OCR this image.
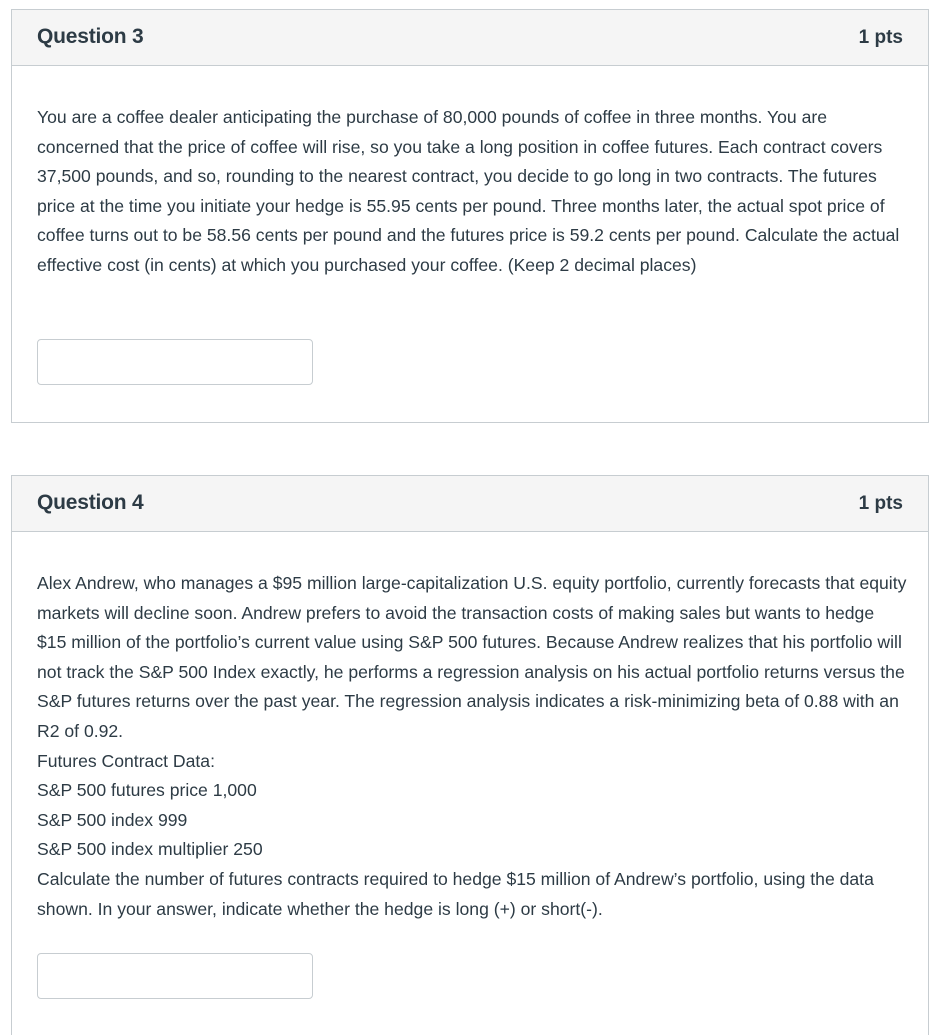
Question 3	1 pts

You are a coffee dealer anticipating the purchase of 80,000 pounds of coffee in three months. You are concerned that the price of coffee will rise, so you take a long position in coffee futures. Each contract covers 37,500 pounds, and so, rounding to the nearest contract, you decide to go long in two contracts. The futures price at the time you initiate your hedge is 55.95 cents per pound. Three months later, the actual spot price of coffee turns out to be 58.56 cents per pound and the futures price is 59.2 cents per pound. Calculate the actual effective cost (in cents) at which you purchased your coffee. (Keep 2 decimal places)

Question 4	1 pts

Alex Andrew, who manages a $95 million large-capitalization U.S. equity portfolio, currently forecasts that equity markets will decline soon. Andrew prefers to avoid the transaction costs of making sales but wants to hedge $15 million of the portfolio’s current value using S&P 500 futures. Because Andrew realizes that his portfolio will not track the S&P 500 Index exactly, he performs a regression analysis on his actual portfolio returns versus the S&P futures returns over the past year. The regression analysis indicates a risk-minimizing beta of 0.88 with an R2 of 0.92.

Futures Contract Data:

S&P 500 futures price 1,000

S&P 500 index 999

S&P 500 index multiplier 250

Calculate the number of futures contracts required to hedge $15 million of Andrew’s portfolio, using the data shown. In your answer, indicate whether the hedge is long (+) or short(-).
